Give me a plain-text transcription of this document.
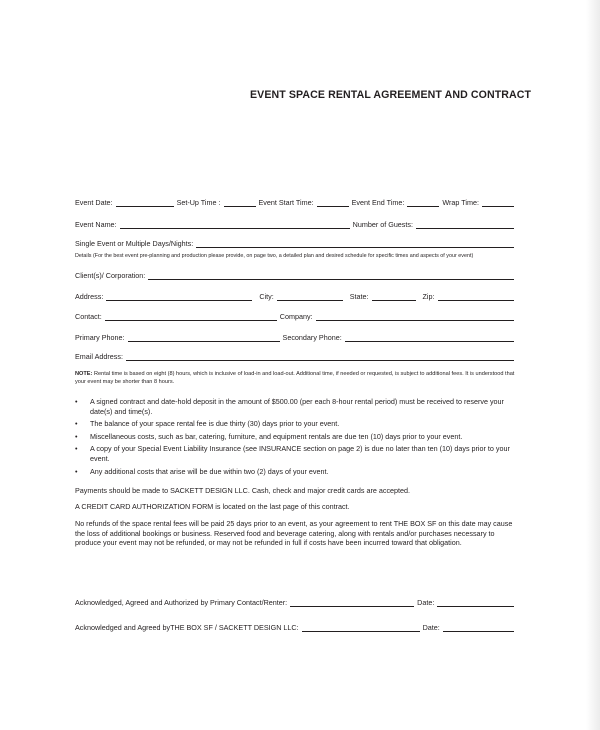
EVENT SPACE RENTAL AGREEMENT AND CONTRACT
Event Date:	Set-Up Time :	Event Start Time:	Event End Time:	Wrap Time:
Event Name:	Number of Guests:
Single Event or Multiple Days/Nights:
Details (For the best event pre-planning and production please provide, on page two, a detailed plan and desired schedule for specific times and aspects of your event)
Client(s)/ Corporation:
Address:	City:	State:	Zip:
Contact:	Company:
Primary Phone:	Secondary Phone:
Email Address:
NOTE: Rental time is based on eight (8) hours, which is inclusive of load-in and load-out. Additional time, if needed or requested, is subject to additional fees. It is understood that your event may be shorter than 8 hours.
• A signed contract and date-hold deposit in the amount of $500.00 (per each 8-hour rental period) must be received to reserve your date(s) and time(s).
• The balance of your space rental fee is due thirty (30) days prior to your event.
• Miscellaneous costs, such as bar, catering, furniture, and equipment rentals are due ten (10) days prior to your event.
• A copy of your Special Event Liability Insurance (see INSURANCE section on page 2) is due no later than ten (10) days prior to your event.
• Any additional costs that arise will be due within two (2) days of your event.
Payments should be made to SACKETT DESIGN LLC. Cash, check and major credit cards are accepted.
A CREDIT CARD AUTHORIZATION FORM is located on the last page of this contract.
No refunds of the space rental fees will be paid 25 days prior to an event, as your agreement to rent THE BOX SF on this date may cause the loss of additional bookings or business. Reserved food and beverage catering, along with rentals and/or purchases necessary to produce your event may not be refunded, or may not be refunded in full if costs have been incurred toward that obligation.
Acknowledged, Agreed and Authorized by Primary Contact/Renter:	Date:
Acknowledged and Agreed by THE BOX SF / SACKETT DESIGN LLC:	Date:
